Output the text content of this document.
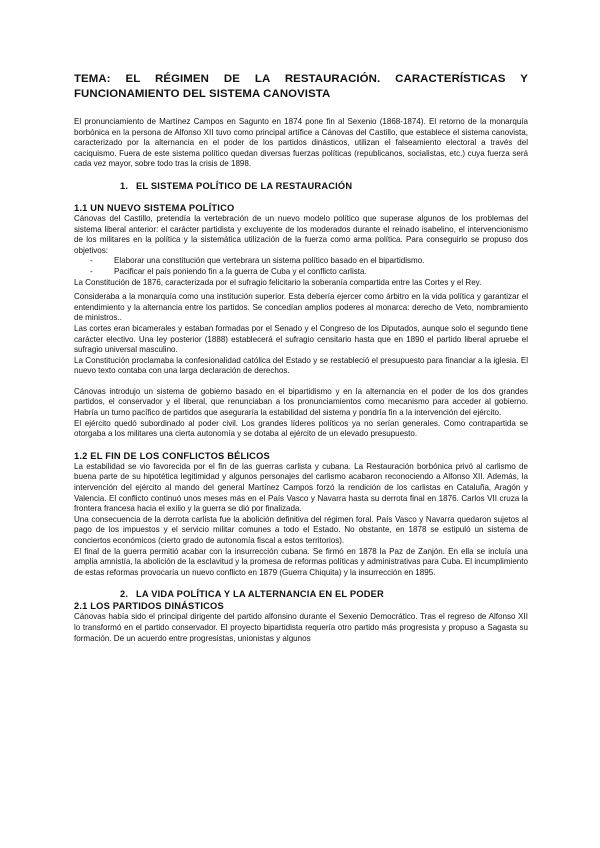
TEMA: EL RÉGIMEN DE LA RESTAURACIÓN. CARACTERÍSTICAS Y FUNCIONAMIENTO DEL SISTEMA CANOVISTA

El pronunciamiento de Martínez Campos en Sagunto en 1874 pone fin al Sexenio (1868-1874). El retorno de la monarquía borbónica en la persona de Alfonso XII tuvo como principal artífice a Cánovas del Castillo, que establece el sistema canovista, caracterizado por la alternancia en el poder de los partidos dinásticos, utilizan el falseamiento electoral a través del caciquismo. Fuera de este sistema político quedan diversas fuerzas políticas (republicanos, socialistas, etc.) cuya fuerza será cada vez mayor, sobre todo tras la crisis de 1898.

1. EL SISTEMA POLÍTICO DE LA RESTAURACIÓN
1.1 UN NUEVO SISTEMA POLÍTICO

Cánovas del Castillo, pretendía la vertebración de un nuevo modelo político que superase algunos de los problemas del sistema liberal anterior: el carácter partidista y excluyente de los moderados durante el reinado isabelino, el intervencionismo de los militares en la política y la sistemática utilización de la fuerza como arma política. Para conseguirlo se propuso dos objetivos:

-	Elaborar una constitución que vertebrara un sistema político basado en el bipartidismo.
-	Pacificar el país poniendo fin a la guerra de Cuba y el conflicto carlista.

La Constitución de 1876, caracterizada por el sufragio felicitario la soberanía compartida entre las Cortes y el Rey.

Consideraba a la monarquía como una institución superior. Esta debería ejercer como árbitro en la vida política y garantizar el entendimiento y la alternancia entre los partidos. Se concedían amplios poderes al monarca: derecho de Veto, nombramiento de ministros..

Las cortes eran bicamerales y estaban formadas por el Senado y el Congreso de los Diputados, aunque solo el segundo tiene carácter electivo. Una ley posterior (1888) establecerá el sufragio censitario hasta que en 1890 el partido liberal apruebe el sufragio universal masculino.

La Constitución proclamaba la confesionalidad católica del Estado y se restableció el presupuesto para financiar a la iglesia. El nuevo texto contaba con una larga declaración de derechos.

Cánovas introdujo un sistema de gobierno basado en el bipartidismo y en la alternancia en el poder de los dos grandes partidos, el conservador y el liberal, que renunciaban a los pronunciamientos como mecanismo para acceder al gobierno. Habría un turno pacífico de partidos que aseguraría la estabilidad del sistema y pondría fin a la intervención del ejército.

El ejército quedó subordinado al poder civil. Los grandes líderes políticos ya no serían generales. Como contrapartida se otorgaba a los militares una cierta autonomía y se dotaba al ejército de un elevado presupuesto.

1.2 EL FIN DE LOS CONFLICTOS BÉLICOS

La estabilidad se vio favorecida por el fin de las guerras carlista y cubana. La Restauración borbónica privó al carlismo de buena parte de su hipotética legitimidad y algunos personajes del carlismo acabaron reconociendo a Alfonso XII. Además, la intervención del ejército al mando del general Martínez Campos forzó la rendición de los carlistas en Cataluña, Aragón y Valencia. El conflicto continuó unos meses más en el País Vasco y Navarra hasta su derrota final en 1876. Carlos VII cruza la frontera francesa hacia el exilio y la guerra se dió por finalizada.

Una consecuencia de la derrota carlista fue la abolición definitiva del régimen foral. País Vasco y Navarra quedaron sujetos al pago de los impuestos y el servicio militar comunes a todo el Estado. No obstante, en 1878 se estipuló un sistema de conciertos económicos (cierto grado de autonomía fiscal a estos territorios).

El final de la guerra permitió acabar con la insurrección cubana. Se firmó en 1878 la Paz de Zanjón. En ella se incluía una amplia amnistía, la abolición de la esclavitud y la promesa de reformas políticas y administrativas para Cuba. El incumplimiento de estas reformas provocaría un nuevo conflicto en 1879 (Guerra Chiquita) y la insurrección en 1895.

2. LA VIDA POLÍTICA Y LA ALTERNANCIA EN EL PODER
2.1 LOS PARTIDOS DINÁSTICOS

Cánovas había sido el principal dirigente del partido alfonsino durante el Sexenio Democrático. Tras el regreso de Alfonso XII lo transformó en el partido conservador. El proyecto bipartidista requería otro partido más progresista y propuso a Sagasta su formación. De un acuerdo entre progresistas, unionistas y algunos
